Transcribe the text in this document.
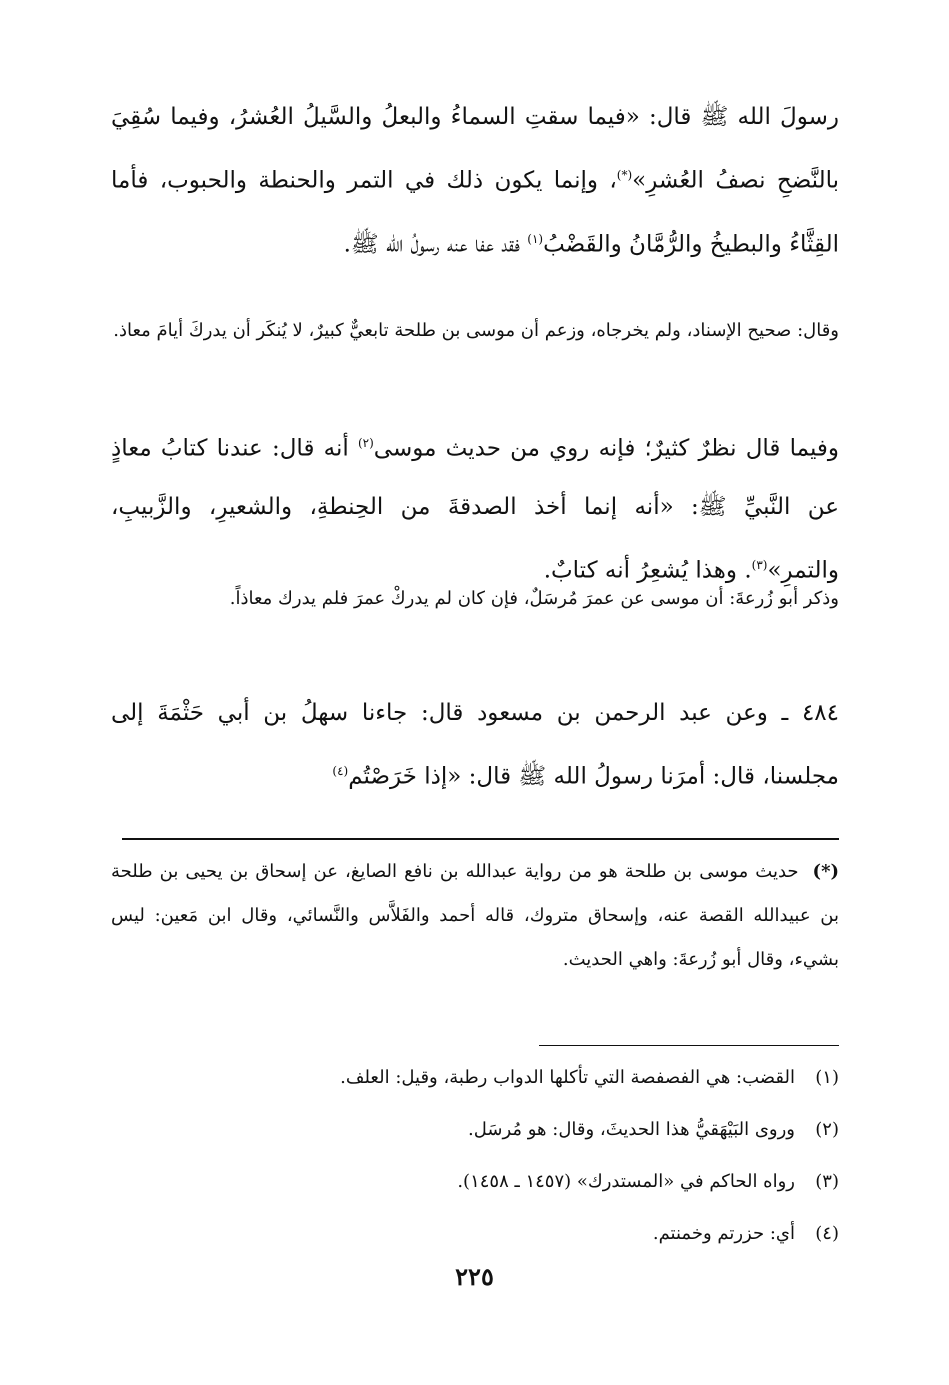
رسولَ الله ﷺ قال: «فيما سقتِ السماءُ والبعلُ والسَّيلُ العُشرُ، وفيما سُقِيَ بالنَّضحِ نصفُ العُشرِ»(*)، وإنما يكون ذلك في التمر والحنطة والحبوب، فأما القِثَّاءُ والبطيخُ والرُّمَّانُ والقَضْبُ$^{(١)}$ فقد عفا عنه رسولُ الله ﷺ.

وقال: صحيح الإسناد، ولم يخرجاه، وزعم أن موسى بن طلحة تابعيٌّ كبيرٌ، لا يُنكَر أن يدركَ أيامَ معاذ.

وفيما قال نظرٌ كثيرٌ؛ فإنه روي من حديث موسى$^{(٢)}$ أنه قال: عندنا كتابُ معاذٍ عن النَّبيِّ ﷺ: «أنه إنما أخذ الصدقةَ من الحِنطةِ، والشعيرِ، والزَّبيبِ، والتمرِ»$^{(٣)}$. وهذا يُشعِرُ أنه كتابٌ.

وذكر أبو زُرعةَ: أن موسى عن عمرَ مُرسَلٌ، فإن كان لم يدركْ عمرَ فلم يدرك معاذاً.

٤٨٤ ـ وعن عبد الرحمن بن مسعود قال: جاءنا سهلُ بن أبي حَثْمَةَ إلى مجلسنا، قال: أمرَنا رسولُ الله ﷺ قال: «إذا خَرَصْتُم$^{(٤)}$

(*)حديث موسى بن طلحة هو من رواية عبدالله بن نافع الصايغ، عن إسحاق بن يحيى بن طلحة بن عبيدالله القصة عنه، وإسحاق متروك، قاله أحمد والفَلاَّس والنَّسائي، وقال ابن مَعين: ليس بشيء، وقال أبو زُرعةَ: واهي الحديث.

(١)القضب: هي الفصفصة التي تأكلها الدواب رطبة، وقيل: العلف.

(٢)وروى البَيْهَقيُّ هذا الحديثَ، وقال: هو مُرسَل.

(٣)رواه الحاكم في «المستدرك» (١٤٥٧ ـ ١٤٥٨).

(٤)أي: حزرتم وخمنتم.

٢٢٥
